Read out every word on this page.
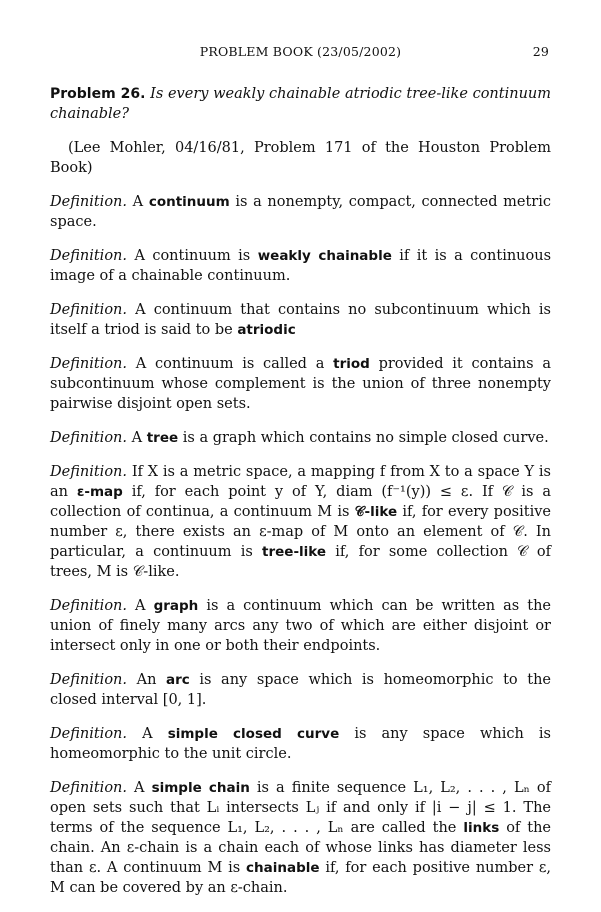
PROBLEM BOOK (23/05/2002)	29

Problem 26. Is every weakly chainable atriodic tree-like continuum chainable?

(Lee Mohler, 04/16/81, Problem 171 of the Houston Problem Book)

Definition. A continuum is a nonempty, compact, connected metric space.

Definition. A continuum is weakly chainable if it is a continuous image of a chainable continuum.

Definition. A continuum that contains no subcontinuum which is itself a triod is said to be atriodic

Definition. A continuum is called a triod provided it contains a subcontinuum whose complement is the union of three nonempty pairwise disjoint open sets.

Definition. A tree is a graph which contains no simple closed curve.

Definition. If X is a metric space, a mapping f from X to a space Y is an ε-map if, for each point y of Y, diam (f⁻¹(y)) ≤ ε. If 𝒞 is a collection of continua, a continuum M is 𝒞-like if, for every positive number ε, there exists an ε-map of M onto an element of 𝒞. In particular, a continuum is tree-like if, for some collection 𝒞 of trees, M is 𝒞-like.

Definition. A graph is a continuum which can be written as the union of finely many arcs any two of which are either disjoint or intersect only in one or both their endpoints.

Definition. An arc is any space which is homeomorphic to the closed interval [0, 1].

Definition. A simple closed curve is any space which is homeomorphic to the unit circle.

Definition. A simple chain is a finite sequence L₁, L₂, . . . , Lₙ of open sets such that Lᵢ intersects Lⱼ if and only if |i − j| ≤ 1. The terms of the sequence L₁, L₂, . . . , Lₙ are called the links of the chain. An ε-chain is a chain each of whose links has diameter less than ε. A continuum M is chainable if, for each positive number ε, M can be covered by an ε-chain.
